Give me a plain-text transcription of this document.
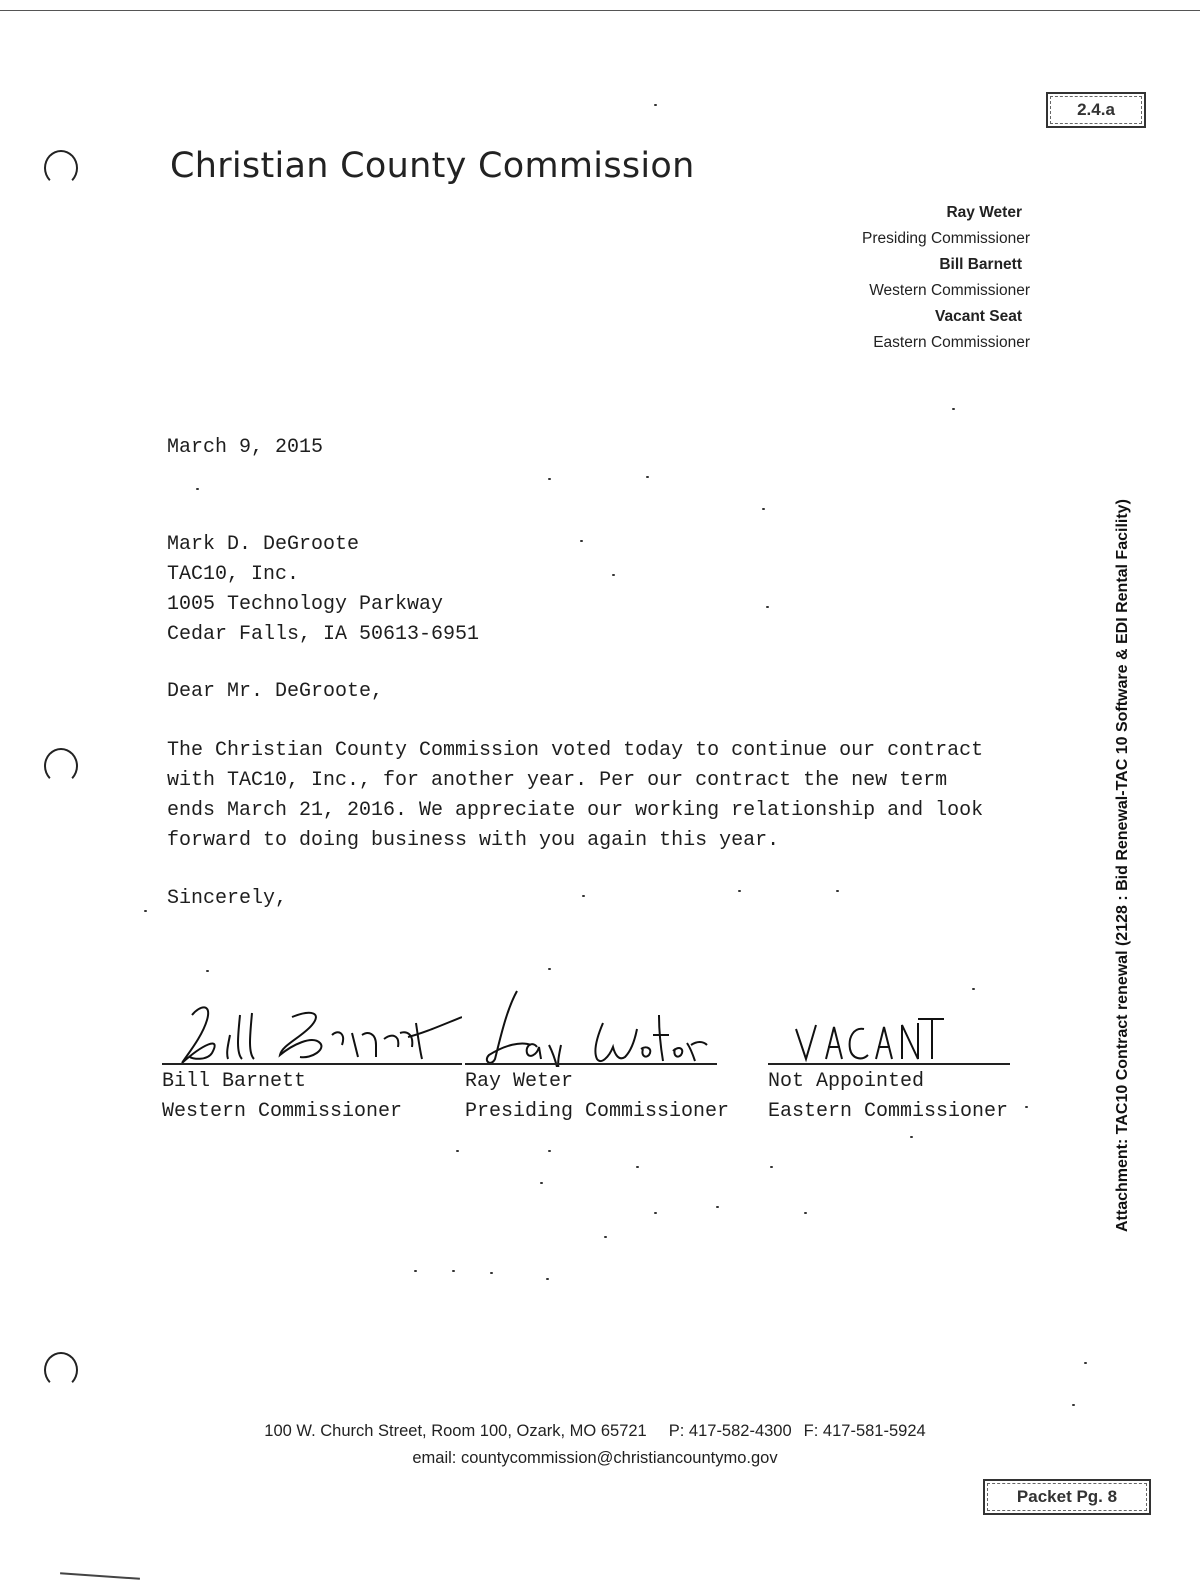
2.4.a
Christian County Commission
Ray Weter
Presiding Commissioner
Bill Barnett
Western Commissioner
Vacant Seat
Eastern Commissioner
March 9, 2015
Mark D. DeGroote
TAC10, Inc.
1005 Technology Parkway
Cedar Falls, IA 50613-6951
Dear Mr. DeGroote,
The Christian County Commission voted today to continue our contract
with TAC10, Inc., for another year. Per our contract the new term
ends March 21, 2016. We appreciate our working relationship and look
forward to doing business with you again this year.
Sincerely,
Bill Barnett
Western Commissioner
Ray Weter
Presiding Commissioner
Not Appointed
Eastern Commissioner	Attachment: TAC10 Contract renewal (2128 : Bid Renewal-TAC 10 Software & EDI Rental Facility)
100 W. Church Street, Room 100, Ozark, MO 65721 P: 417-582-4300 F: 417-581-5924
email: countycommission@christiancountymo.gov
Packet Pg. 8
